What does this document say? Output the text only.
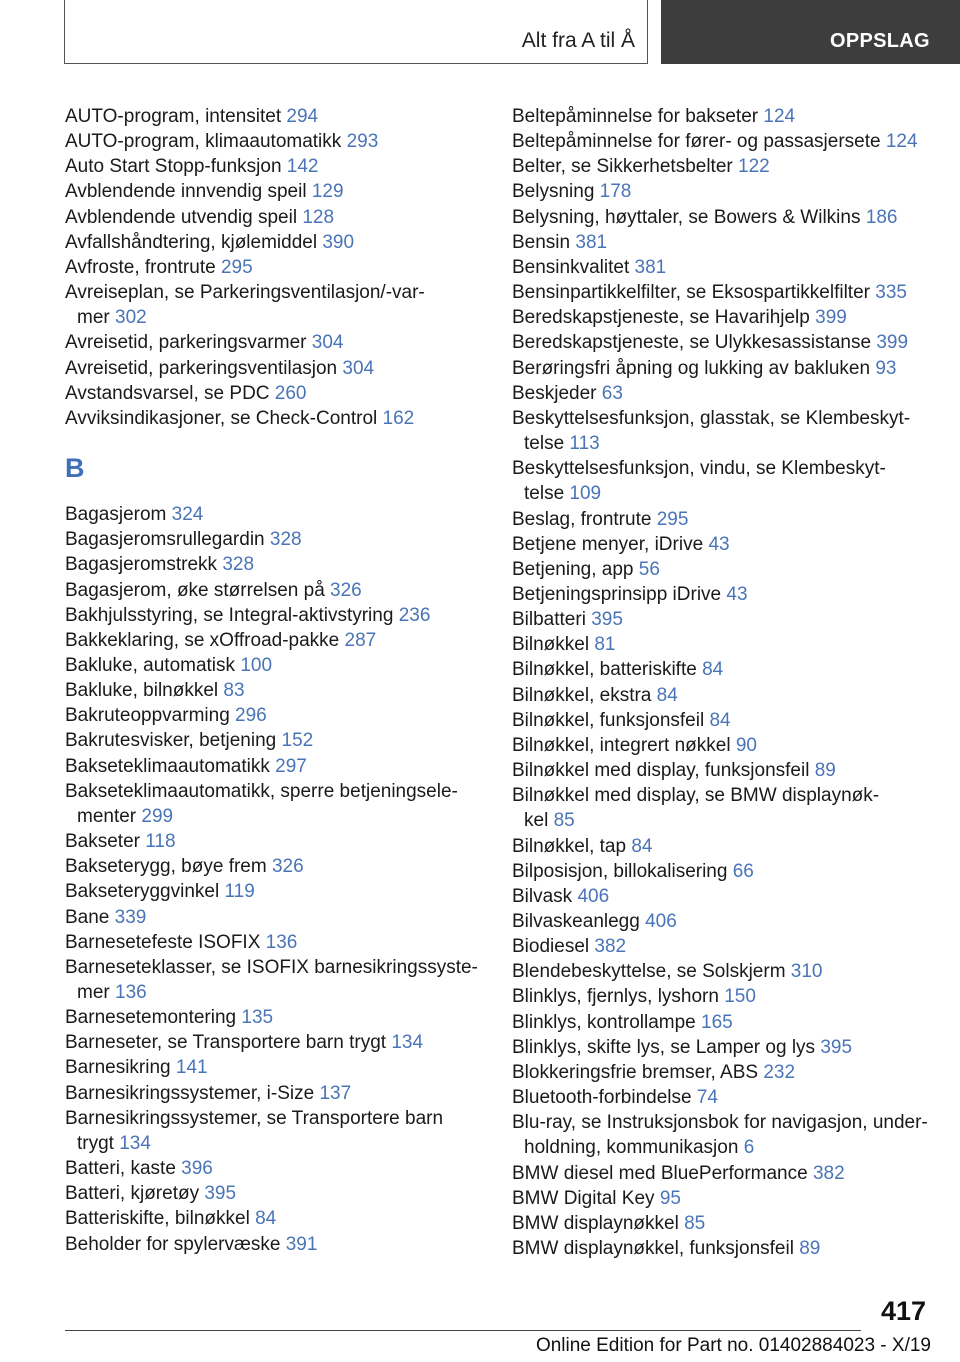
Alt fra A til Å	OPPSLAG
AUTO-program, intensitet 294
AUTO-program, klimaautomatikk 293
Auto Start Stopp-funksjon 142
Avblendende innvendig speil 129
Avblendende utvendig speil 128
Avfallshåndtering, kjølemiddel 390
Avfroste, frontrute 295
Avreiseplan, se Parkeringsventilasjon/-var-
mer 302
Avreisetid, parkeringsvarmer 304
Avreisetid, parkeringsventilasjon 304
Avstandsvarsel, se PDC 260
Avviksindikasjoner, se Check-Control 162
B
Bagasjerom 324
Bagasjeromsrullegardin 328
Bagasjeromstrekk 328
Bagasjerom, øke størrelsen på 326
Bakhjulsstyring, se Integral-aktivstyring 236
Bakkeklaring, se xOffroad-pakke 287
Bakluke, automatisk 100
Bakluke, bilnøkkel 83
Bakruteoppvarming 296
Bakrutesvisker, betjening 152
Bakseteklimaautomatikk 297
Bakseteklimaautomatikk, sperre betjeningsele-
menter 299
Bakseter 118
Bakseterygg, bøye frem 326
Bakseteryggvinkel 119
Bane 339
Barnesetefeste ISOFIX 136
Barneseteklasser, se ISOFIX barnesikringssyste-
mer 136
Barnesetemontering 135
Barneseter, se Transportere barn trygt 134
Barnesikring 141
Barnesikringssystemer, i-Size 137
Barnesikringssystemer, se Transportere barn
trygt 134
Batteri, kaste 396
Batteri, kjøretøy 395
Batteriskifte, bilnøkkel 84
Beholder for spylervæske 391
Beltepåminnelse for bakseter 124
Beltepåminnelse for fører- og passasjersete 124
Belter, se Sikkerhetsbelter 122
Belysning 178
Belysning, høyttaler, se Bowers & Wilkins 186
Bensin 381
Bensinkvalitet 381
Bensinpartikkelfilter, se Eksospartikkelfilter 335
Beredskapstjeneste, se Havarihjelp 399
Beredskapstjeneste, se Ulykkesassistanse 399
Berøringsfri åpning og lukking av bakluken 93
Beskjeder 63
Beskyttelsesfunksjon, glasstak, se Klembeskyt-
telse 113
Beskyttelsesfunksjon, vindu, se Klembeskyt-
telse 109
Beslag, frontrute 295
Betjene menyer, iDrive 43
Betjening, app 56
Betjeningsprinsipp iDrive 43
Bilbatteri 395
Bilnøkkel 81
Bilnøkkel, batteriskifte 84
Bilnøkkel, ekstra 84
Bilnøkkel, funksjonsfeil 84
Bilnøkkel, integrert nøkkel 90
Bilnøkkel med display, funksjonsfeil 89
Bilnøkkel med display, se BMW displaynøk-
kel 85
Bilnøkkel, tap 84
Bilposisjon, billokalisering 66
Bilvask 406
Bilvaskeanlegg 406
Biodiesel 382
Blendebeskyttelse, se Solskjerm 310
Blinklys, fjernlys, lyshorn 150
Blinklys, kontrollampe 165
Blinklys, skifte lys, se Lamper og lys 395
Blokkeringsfrie bremser, ABS 232
Bluetooth-forbindelse 74
Blu-ray, se Instruksjonsbok for navigasjon, under-
holdning, kommunikasjon 6
BMW diesel med BluePerformance 382
BMW Digital Key 95
BMW displaynøkkel 85
BMW displaynøkkel, funksjonsfeil 89
417
Online Edition for Part no. 01402884023 - X/19
